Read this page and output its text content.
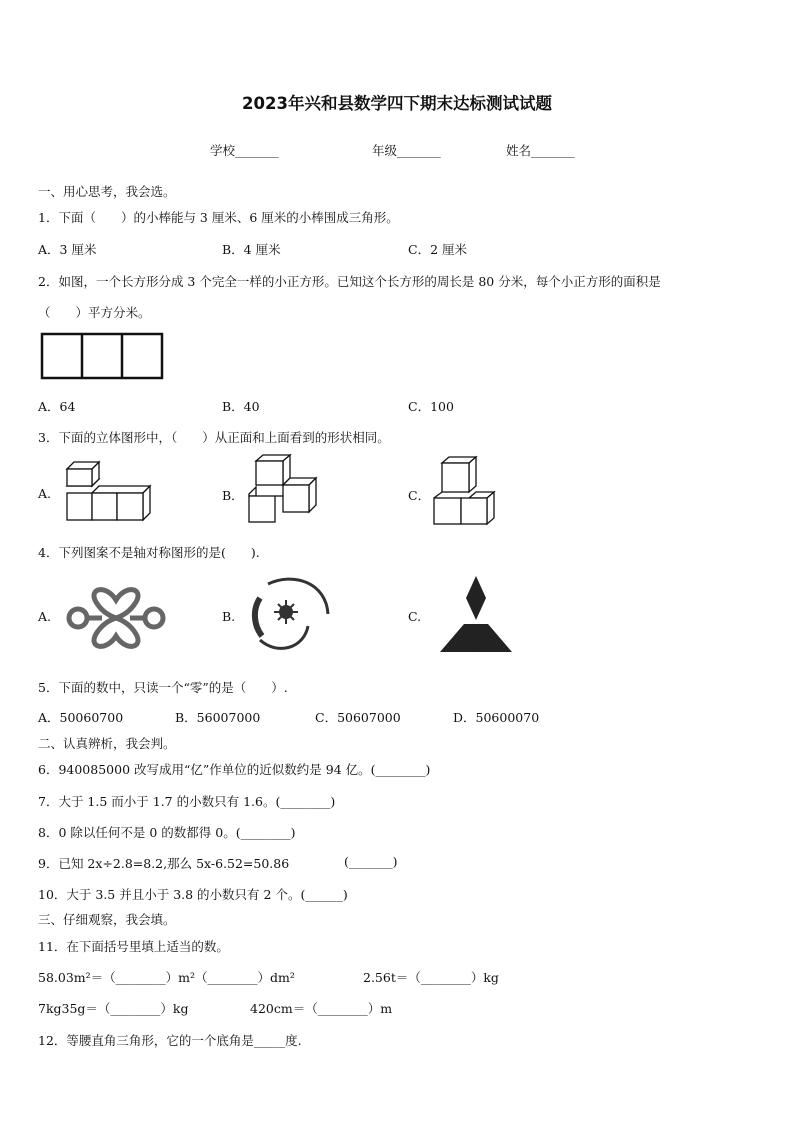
2023年兴和县数学四下期末达标测试试题
学校_______	年级_______	姓名_______
一、用心思考，我会选。
1．下面（　　）的小棒能与 3 厘米、6 厘米的小棒围成三角形。
A．3 厘米	B．4 厘米	C．2 厘米
2．如图，一个长方形分成 3 个完全一样的小正方形。已知这个长方形的周长是 80 分米，每个小正方形的面积是
（　　）平方分米。
A．64	B．40	C．100
3．下面的立体图形中，（　　）从正面和上面看到的形状相同。
A.	B．	C．
4．下列图案不是轴对称图形的是(　　).
A.	B.	C.
5．下面的数中，只读一个“零”的是（　　）.
A．50060700	B．56007000	C．50607000	D．50600070
二、认真辨析，我会判。
6．940085000 改写成用“亿”作单位的近似数约是 94 亿。(________)
7．大于 1.5 而小于 1.7 的小数只有 1.6。(________)
8．0 除以任何不是 0 的数都得 0。(________)
9．已知 2x÷2.8=8.2,那么 5x-6.52=50.86	(_______)
10．大于 3.5 并且小于 3.8 的小数只有 2 个。(______)
三、仔细观察，我会填。
11．在下面括号里填上适当的数。
58.03m²＝（________）m²（________）dm²	2.56t＝（________）kg
7kg35g＝（________）kg	420cm＝（________）m
12．等腰直角三角形，它的一个底角是_____度.
